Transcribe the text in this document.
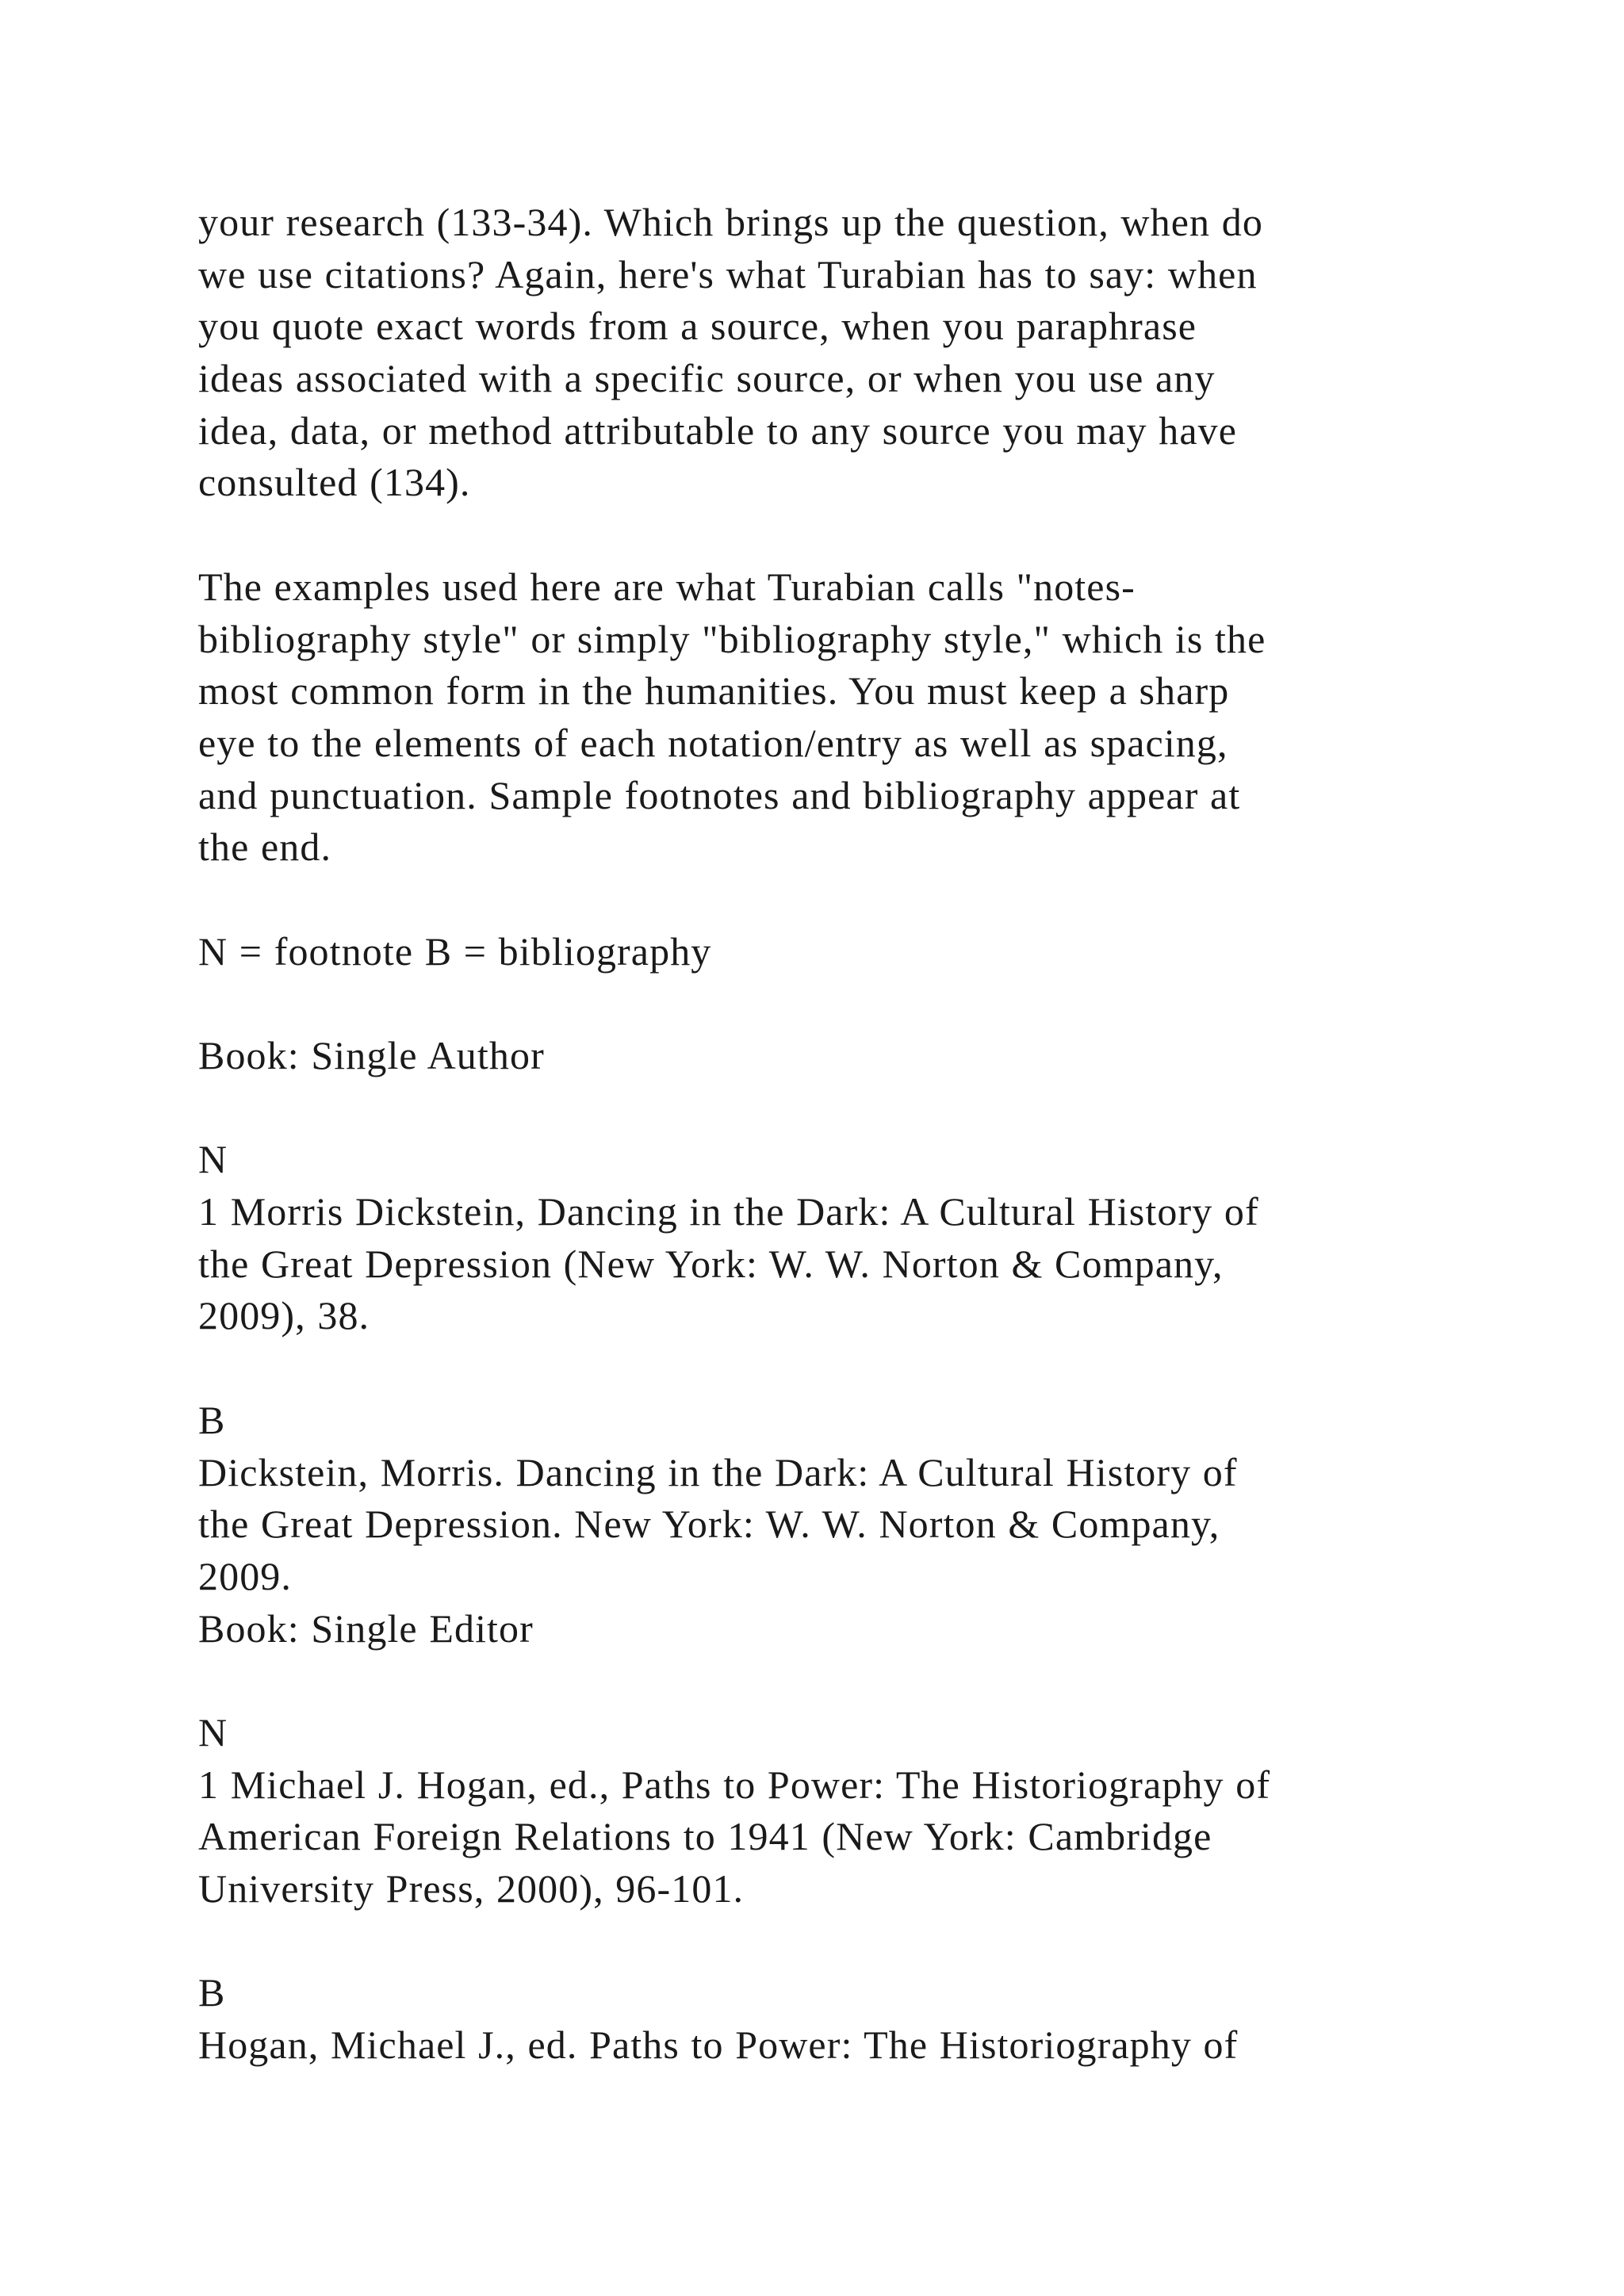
your research (133-34). Which brings up the question, when do
we use citations? Again, here's what Turabian has to say: when
you quote exact words from a source, when you paraphrase
ideas associated with a specific source, or when you use any
idea, data, or method attributable to any source you may have
consulted (134).
The examples used here are what Turabian calls "notes-
bibliography style" or simply "bibliography style," which is the
most common form in the humanities. You must keep a sharp
eye to the elements of each notation/entry as well as spacing,
and punctuation. Sample footnotes and bibliography appear at
the end.
N = footnote B = bibliography
Book: Single Author
N
1 Morris Dickstein, Dancing in the Dark: A Cultural History of
the Great Depression (New York: W. W. Norton & Company,
2009), 38.
B
Dickstein, Morris. Dancing in the Dark: A Cultural History of
the Great Depression. New York: W. W. Norton & Company,
2009.
Book: Single Editor
N
1 Michael J. Hogan, ed., Paths to Power: The Historiography of
American Foreign Relations to 1941 (New York: Cambridge
University Press, 2000), 96-101.
B
Hogan, Michael J., ed. Paths to Power: The Historiography of
